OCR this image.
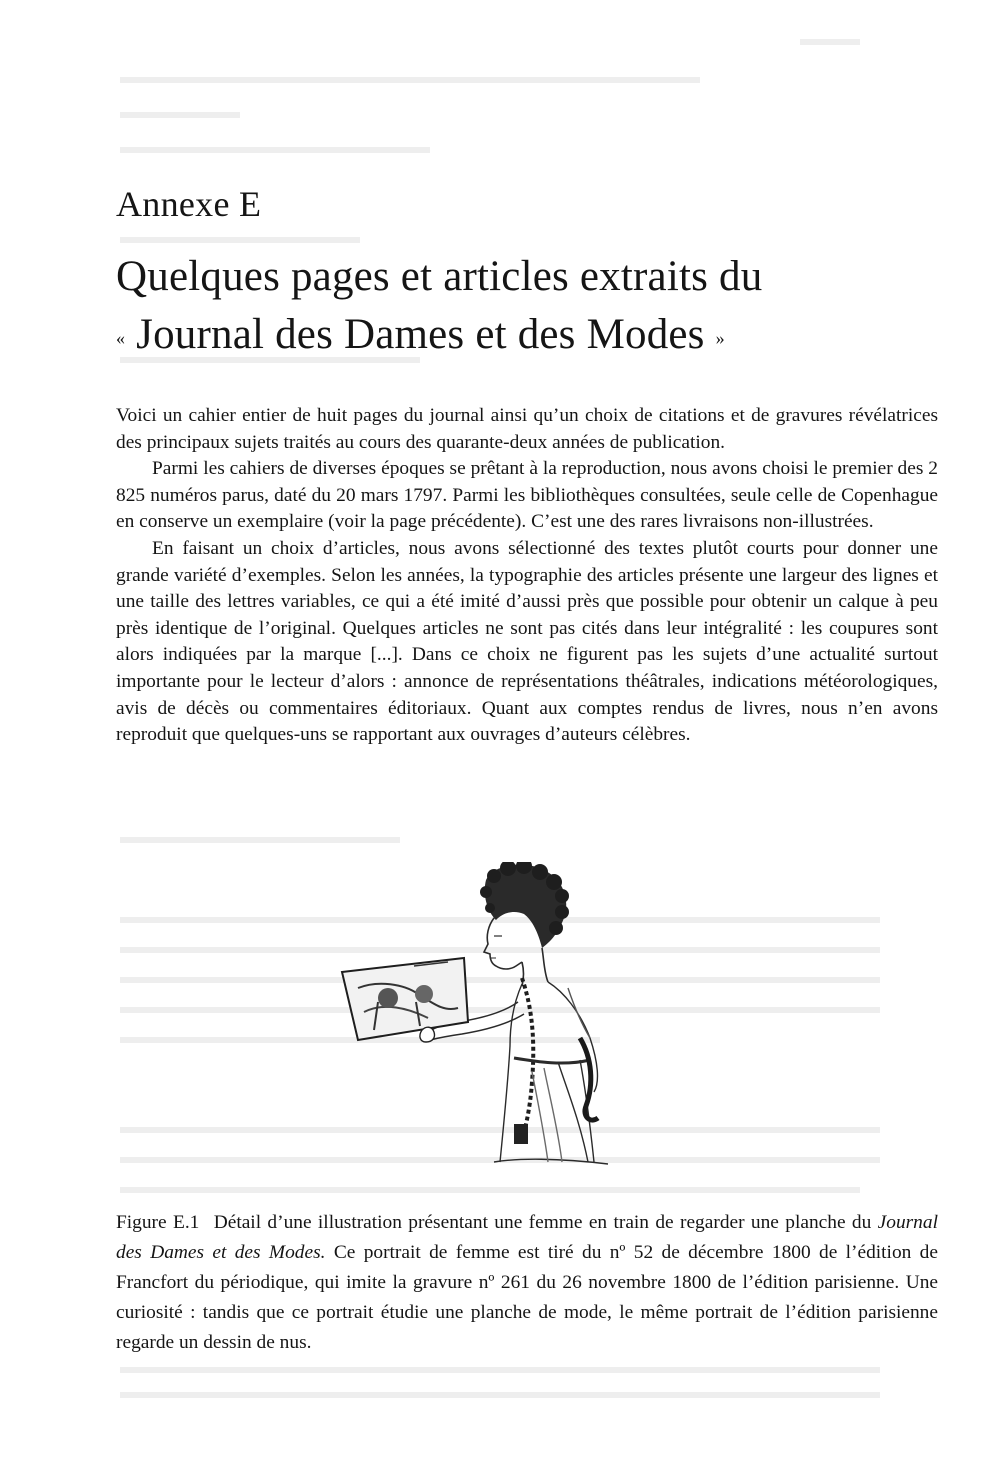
Annexe E
Quelques pages et articles extraits du
« Journal des Dames et des Modes »

Voici un cahier entier de huit pages du journal ainsi qu’un choix de citations et de gravures révélatrices des principaux sujets traités au cours des quarante-deux années de publication.

Parmi les cahiers de diverses époques se prêtant à la reproduction, nous avons choisi le premier des 2 825 numéros parus, daté du 20 mars 1797. Parmi les bibliothèques consultées, seule celle de Copenhague en conserve un exemplaire (voir la page précédente). C’est une des rares livraisons non-illustrées.

En faisant un choix d’articles, nous avons sélectionné des textes plutôt courts pour donner une grande variété d’exemples. Selon les années, la typographie des articles présente une largeur des lignes et une taille des lettres variables, ce qui a été imité d’aussi près que possible pour obtenir un calque à peu près identique de l’original. Quelques articles ne sont pas cités dans leur intégralité : les coupures sont alors indiquées par la marque [...]. Dans ce choix ne figurent pas les sujets d’une actualité surtout importante pour le lecteur d’alors : annonce de représentations théâtrales, indications météorologiques, avis de décès ou commentaires éditoriaux. Quant aux comptes rendus de livres, nous n’en avons reproduit que quelques-uns se rapportant aux ouvrages d’auteurs célèbres.

Figure E.1 Détail d’une illustration présentant une femme en train de regarder une planche du Journal des Dames et des Modes. Ce portrait de femme est tiré du nº 52 de décembre 1800 de l’édition de Francfort du périodique, qui imite la gravure nº 261 du 26 novembre 1800 de l’édition parisienne. Une curiosité : tandis que ce portrait étudie une planche de mode, le même portrait de l’édition parisienne regarde un dessin de nus.
